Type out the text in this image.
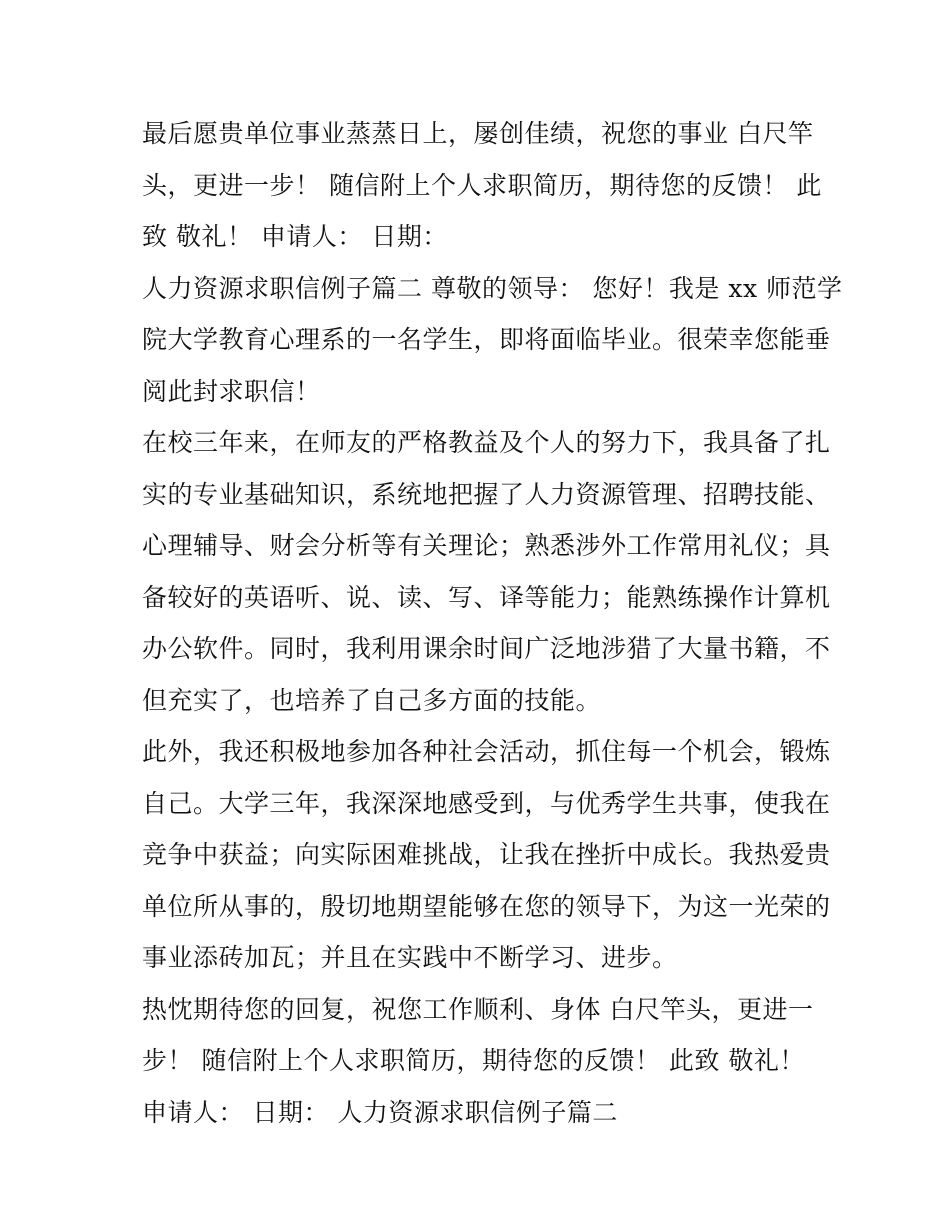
最后愿贵单位事业蒸蒸日上，屡创佳绩，祝您的事业 白尺竿
头，更进一步！ 随信附上个人求职简历，期待您的反馈！ 此
致 敬礼！ 申请人： 日期：
人力资源求职信例子篇二 尊敬的领导： 您好！我是 xx 师范学
院大学教育心理系的一名学生，即将面临毕业。很荣幸您能垂
阅此封求职信！
在校三年来，在师友的严格教益及个人的努力下，我具备了扎
实的专业基础知识，系统地把握了人力资源管理、招聘技能、
心理辅导、财会分析等有关理论；熟悉涉外工作常用礼仪；具
备较好的英语听、说、读、写、译等能力；能熟练操作计算机
办公软件。同时，我利用课余时间广泛地涉猎了大量书籍，不
但充实了，也培养了自己多方面的技能。
此外，我还积极地参加各种社会活动，抓住每一个机会，锻炼
自己。大学三年，我深深地感受到，与优秀学生共事，使我在
竞争中获益；向实际困难挑战，让我在挫折中成长。我热爱贵
单位所从事的，殷切地期望能够在您的领导下，为这一光荣的
事业添砖加瓦；并且在实践中不断学习、进步。
热忱期待您的回复，祝您工作顺利、身体 白尺竿头，更进一
步！ 随信附上个人求职简历，期待您的反馈！ 此致 敬礼！
申请人： 日期： 人力资源求职信例子篇二
